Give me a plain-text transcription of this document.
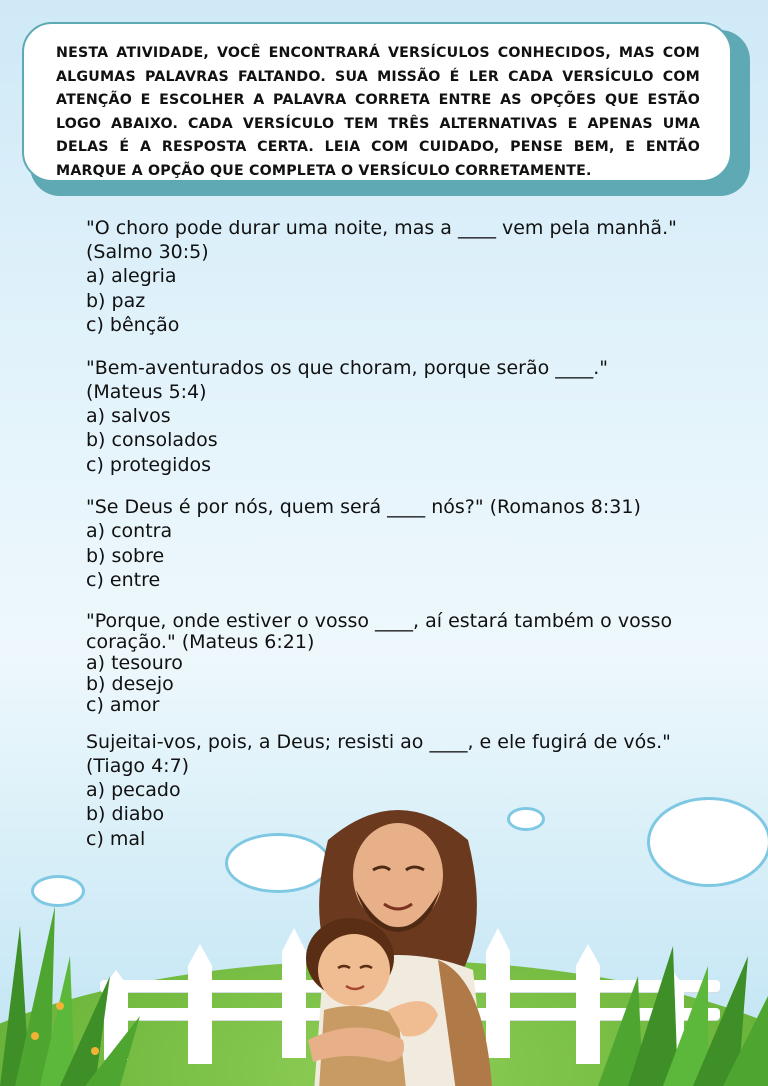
NESTA ATIVIDADE, VOCÊ ENCONTRARÁ VERSÍCULOS CONHECIDOS, MAS COM ALGUMAS PALAVRAS FALTANDO. SUA MISSÃO É LER CADA VERSÍCULO COM ATENÇÃO E ESCOLHER A PALAVRA CORRETA ENTRE AS OPÇÕES QUE ESTÃO LOGO ABAIXO. CADA VERSÍCULO TEM TRÊS ALTERNATIVAS E APENAS UMA DELAS É A RESPOSTA CERTA. LEIA COM CUIDADO, PENSE BEM, E ENTÃO MARQUE A OPÇÃO QUE COMPLETA O VERSÍCULO CORRETAMENTE.

"O choro pode durar uma noite, mas a ____ vem pela manhã." (Salmo 30:5)

a) alegria

b) paz

c) bênção

"Bem-aventurados os que choram, porque serão ____." (Mateus 5:4)

a) salvos

b) consolados

c) protegidos

"Se Deus é por nós, quem será ____ nós?" (Romanos 8:31)

a) contra

b) sobre

c) entre

"Porque, onde estiver o vosso ____, aí estará também o vosso coração." (Mateus 6:21)

a) tesouro

b) desejo

c) amor

Sujeitai-vos, pois, a Deus; resisti ao ____, e ele fugirá de vós." (Tiago 4:7)

a) pecado

b) diabo

c) mal
